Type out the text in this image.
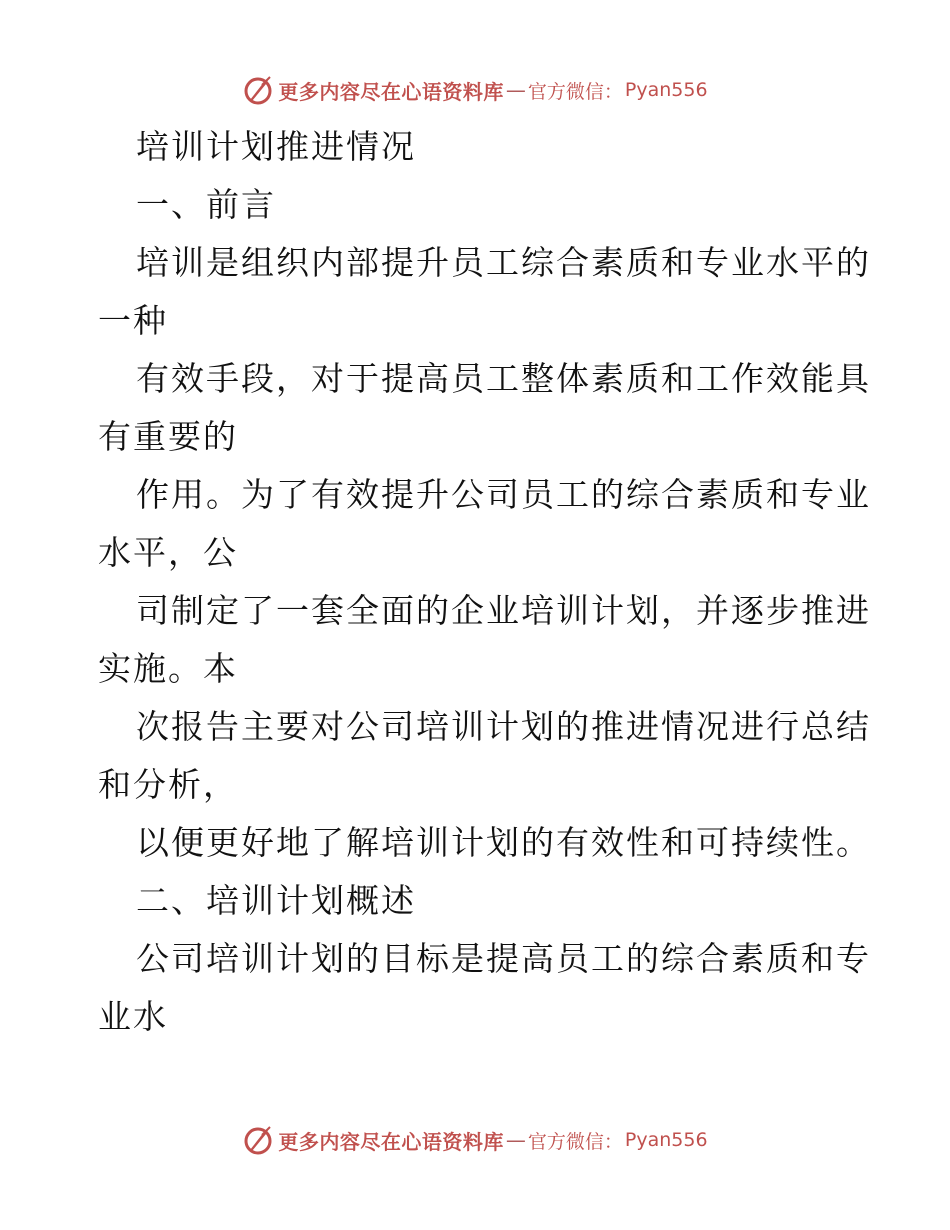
更多内容尽在心语资料库 — 官方微信： Pyan556
培训计划推进情况
一、前言
培训是组织内部提升员工综合素质和专业水平的
一种
有效手段，对于提高员工整体素质和工作效能具
有重要的
作用。为了有效提升公司员工的综合素质和专业
水平，公
司制定了一套全面的企业培训计划，并逐步推进
实施。本
次报告主要对公司培训计划的推进情况进行总结
和分析，
以便更好地了解培训计划的有效性和可持续性。
二、培训计划概述
公司培训计划的目标是提高员工的综合素质和专
业水
更多内容尽在心语资料库 — 官方微信： Pyan556
